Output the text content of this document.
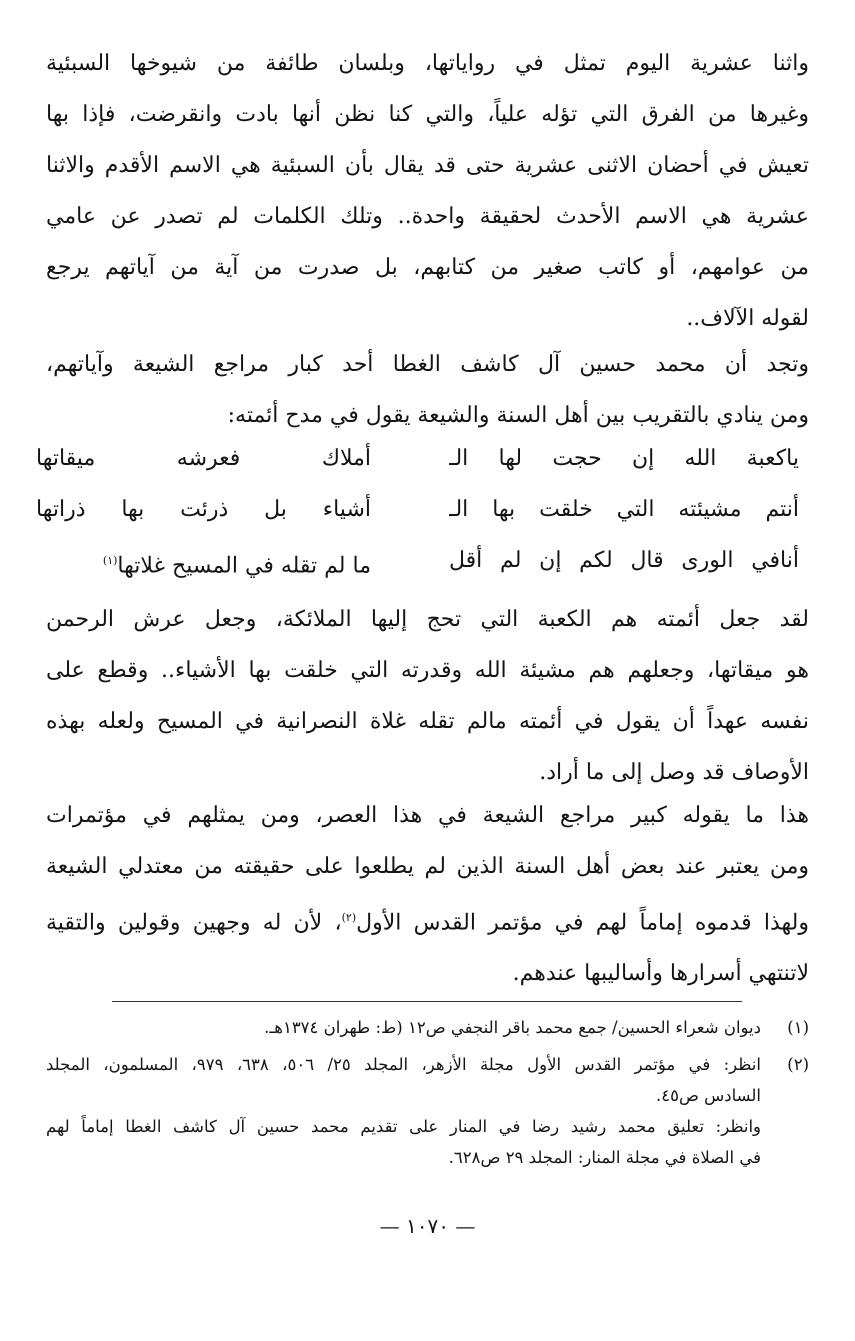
واثنا عشرية اليوم تمثل في رواياتها، وبلسان طائفة من شيوخها السبئية
وغيرها من الفرق التي تؤله علياً، والتي كنا نظن أنها بادت وانقرضت، فإذا بها
تعيش في أحضان الاثنى عشرية حتى قد يقال بأن السبئية هي الاسم الأقدم والاثنا
عشرية هي الاسم الأحدث لحقيقة واحدة.. وتلك الكلمات لم تصدر عن عامي
من عوامهم، أو كاتب صغير من كتابهم، بل صدرت من آية من آياتهم يرجع
لقوله الآلاف..

وتجد أن محمد حسين آل كاشف الغطا أحد كبار مراجع الشيعة وآياتهم،
ومن ينادي بالتقريب بين أهل السنة والشيعة يقول في مدح أئمته:

ياكعبة الله إن حجت لها الـ
أملاك فعرشه ميقاتها
أنتم مشيئته التي خلقت بها الـ
أشياء بل ذرئت بها ذراتها
أنافي الورى قال لكم إن لم أقل
ما لم تقله في المسيح غلاتها$^{(١)}$

لقد جعل أئمته هم الكعبة التي تحج إليها الملائكة، وجعل عرش الرحمن
هو ميقاتها، وجعلهم هم مشيئة الله وقدرته التي خلقت بها الأشياء.. وقطع على
نفسه عهداً أن يقول في أئمته مالم تقله غلاة النصرانية في المسيح ولعله بهذه
الأوصاف قد وصل إلى ما أراد.

هذا ما يقوله كبير مراجع الشيعة في هذا العصر، ومن يمثلهم في مؤتمرات
ومن يعتبر عند بعض أهل السنة الذين لم يطلعوا على حقيقته من معتدلي الشيعة
ولهذا قدموه إماماً لهم في مؤتمر القدس الأول$^{(٢)}$، لأن له وجهين وقولين والتقية
لاتنتهي أسرارها وأساليبها عندهم.

(١)
ديوان شعراء الحسين/ جمع محمد باقر النجفي ص١٢ (ط: طهران ١٣٧٤هـ.
(٢)
انظر: في مؤتمر القدس الأول مجلة الأزهر، المجلد ٢٥/ ٥٠٦، ٦٣٨، ٩٧٩، المسلمون، المجلد
السادس ص٤٥.
وانظر: تعليق محمد رشيد رضا في المنار على تقديم محمد حسين آل كاشف الغطا إماماً لهم
في الصلاة في مجلة المنار: المجلد ٢٩ ص٦٢٨.
— ١٠٧٠ —
